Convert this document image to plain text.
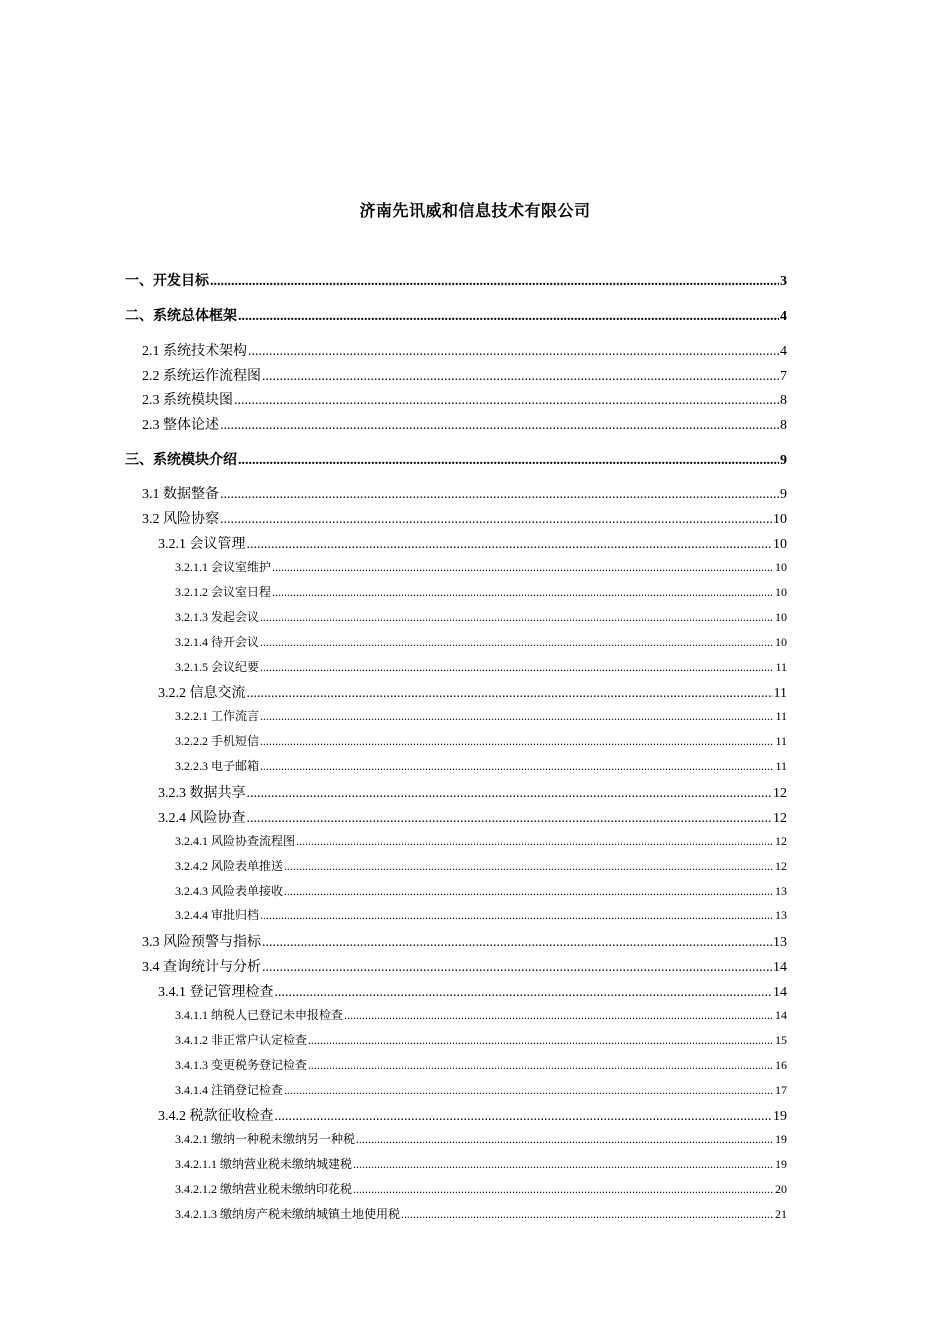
济南先讯威和信息技术有限公司
一、开发目标 .....	3
二、系统总体框架 .....	4
2.1 系统技术架构 .....	4
2.2 系统运作流程图 .....	7
2.3 系统模块图 .....	8
2.3 整体论述 .....	8
三、系统模块介绍 .....	9
3.1 数据整备 .....	9
3.2 风险协察 .....	10
3.2.1 会议管理 .....	10
3.2.1.1 会议室维护 .....	10
3.2.1.2 会议室日程 .....	10
3.2.1.3 发起会议 .....	10
3.2.1.4 待开会议 .....	10
3.2.1.5 会议纪要 .....	11
3.2.2 信息交流 .....	11
3.2.2.1 工作流言 .....	11
3.2.2.2 手机短信 .....	11
3.2.2.3 电子邮箱 .....	11
3.2.3 数据共享 .....	12
3.2.4 风险协查 .....	12
3.2.4.1 风险协查流程图 .....	12
3.2.4.2 风险表单推送 .....	12
3.2.4.3 风险表单接收 .....	13
3.2.4.4 审批归档 .....	13
3.3 风险预警与指标 .....	13
3.4 查询统计与分析 .....	14
3.4.1 登记管理检查 .....	14
3.4.1.1 纳税人已登记未申报检查 .....	14
3.4.1.2 非正常户认定检查 .....	15
3.4.1.3 变更税务登记检查 .....	16
3.4.1.4 注销登记检查 .....	17
3.4.2 税款征收检查 .....	19
3.4.2.1 缴纳一种税未缴纳另一种税 .....	19
3.4.2.1.1 缴纳营业税未缴纳城建税 .....	19
3.4.2.1.2 缴纳营业税未缴纳印花税 .....	20
3.4.2.1.3 缴纳房产税未缴纳城镇土地使用税 .....	21
